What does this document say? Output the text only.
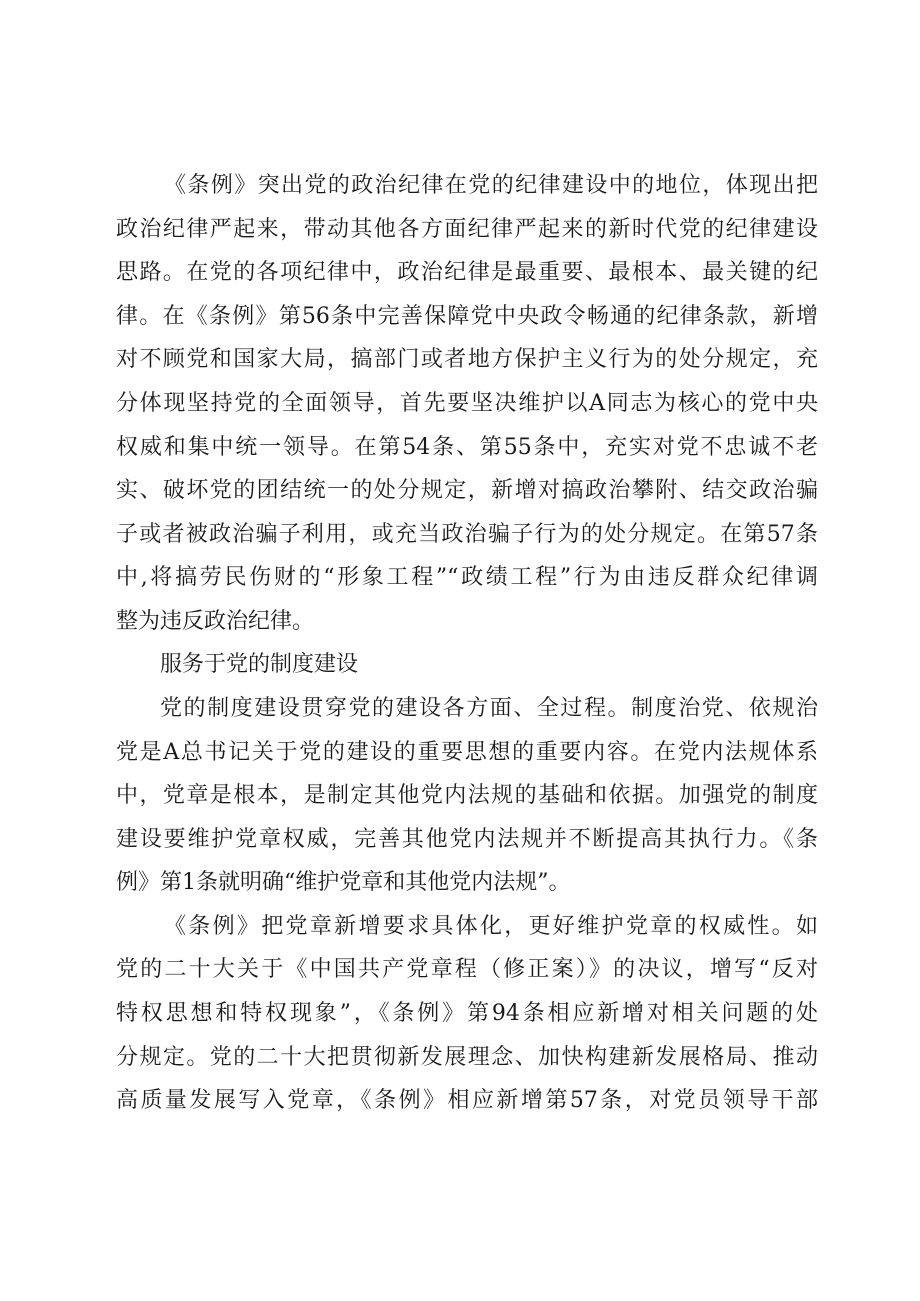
《条例》突出党的政治纪律在党的纪律建设中的地位，体现出把
政治纪律严起来，带动其他各方面纪律严起来的新时代党的纪律建设
思路。在党的各项纪律中，政治纪律是最重要、最根本、最关键的纪
律。在《条例》第56条中完善保障党中央政令畅通的纪律条款，新增
对不顾党和国家大局，搞部门或者地方保护主义行为的处分规定，充
分体现坚持党的全面领导，首先要坚决维护以A同志为核心的党中央
权威和集中统一领导。在第54条、第55条中，充实对党不忠诚不老
实、破坏党的团结统一的处分规定，新增对搞政治攀附、结交政治骗
子或者被政治骗子利用，或充当政治骗子行为的处分规定。在第57条
中,将搞劳民伤财的“形象工程”“政绩工程”行为由违反群众纪律调
整为违反政治纪律。
服务于党的制度建设
党的制度建设贯穿党的建设各方面、全过程。制度治党、依规治
党是A总书记关于党的建设的重要思想的重要内容。在党内法规体系
中，党章是根本，是制定其他党内法规的基础和依据。加强党的制度
建设要维护党章权威，完善其他党内法规并不断提高其执行力。《条
例》第1条就明确“维护党章和其他党内法规”。
《条例》把党章新增要求具体化，更好维护党章的权威性。如
党的二十大关于《中国共产党章程（修正案）》的决议，增写“反对
特权思想和特权现象”，《条例》第94条相应新增对相关问题的处
分规定。党的二十大把贯彻新发展理念、加快构建新发展格局、推动
高质量发展写入党章，《条例》相应新增第57条，对党员领导干部
